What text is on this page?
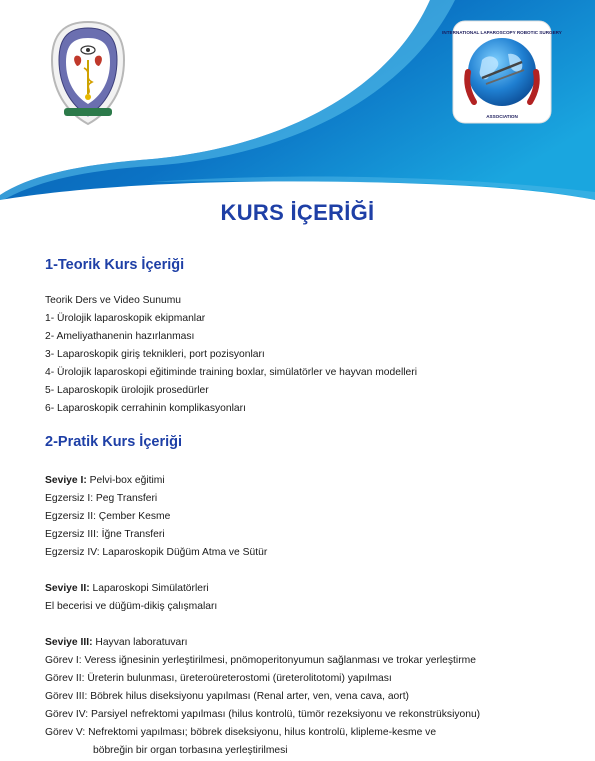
INTERNATIONAL LAPAROSCOPY ROBOTIC SURGERY
ASSOCIATION
KURS İÇERİĞİ
1-Teorik Kurs İçeriği
Teorik Ders ve Video Sunumu
1- Ürolojik laparoskopik ekipmanlar
2- Ameliyathanenin hazırlanması
3- Laparoskopik giriş teknikleri, port pozisyonları
4- Ürolojik laparoskopi eğitiminde training boxlar, simülatörler ve hayvan modelleri
5- Laparoskopik ürolojik prosedürler
6- Laparoskopik cerrahinin komplikasyonları
2-Pratik Kurs İçeriği
Seviye I: Pelvi-box eğitimi
Egzersiz I: Peg Transferi
Egzersiz II: Çember Kesme
Egzersiz III: İğne Transferi
Egzersiz IV: Laparoskopik Düğüm Atma ve Sütür
Seviye II: Laparoskopi Simülatörleri
El becerisi ve düğüm-dikiş çalışmaları
Seviye III: Hayvan laboratuvarı
Görev I: Veress iğnesinin yerleştirilmesi, pnömoperitonyumun sağlanması ve trokar yerleştirme
Görev II: Üreterin bulunması, üreteroüreterostomi (üreterolitotomi) yapılması
Görev III: Böbrek hilus diseksiyonu yapılması (Renal arter, ven, vena cava, aort)
Görev IV: Parsiyel nefrektomi yapılması (hilus kontrolü, tümör rezeksiyonu ve rekonstrüksiyonu)
Görev V: Nefrektomi yapılması; böbrek diseksiyonu, hilus kontrolü, klipleme-kesme ve
böbreğin bir organ torbasına yerleştirilmesi
